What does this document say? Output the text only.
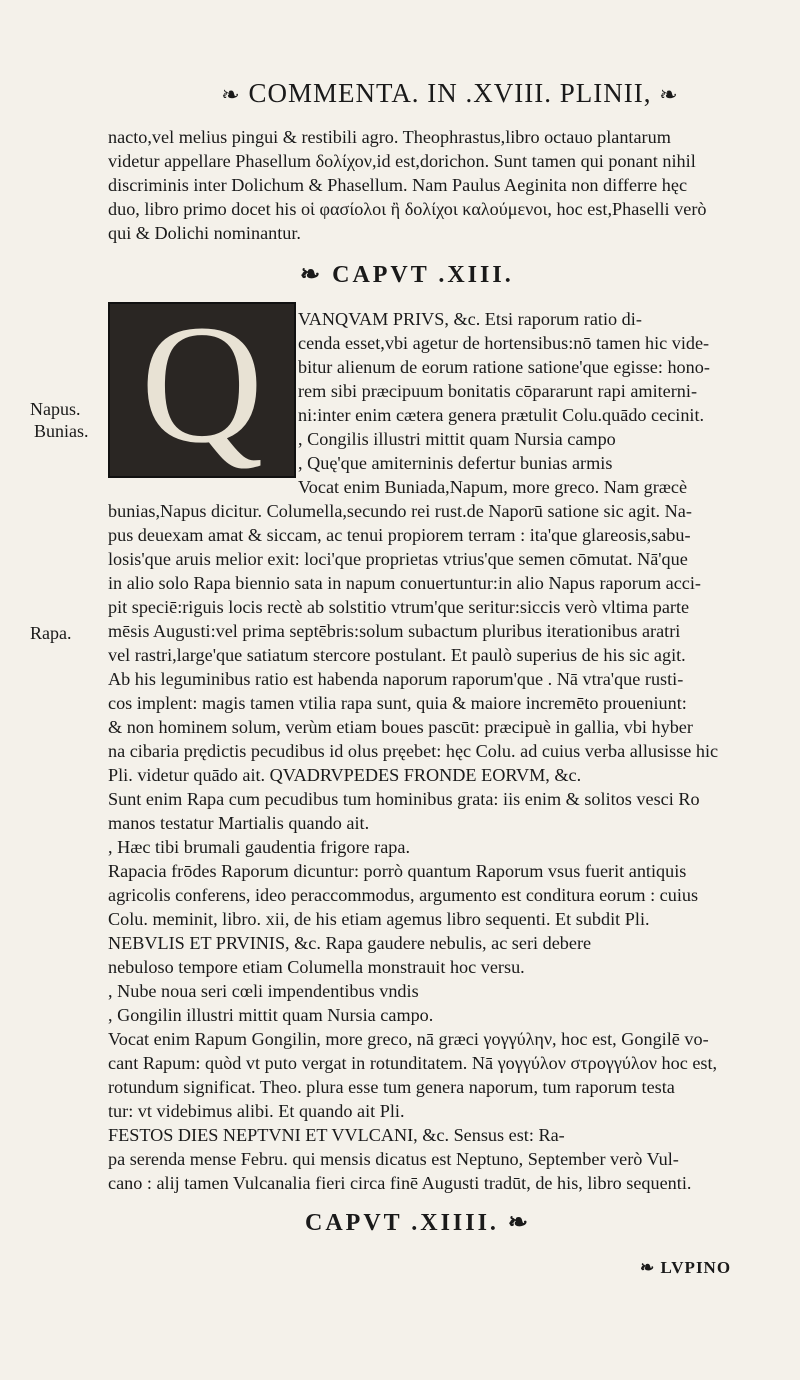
❧ COMMENTA. IN .XVIII. PLINII, ❧
nacto,vel melius pingui & restibili agro. Theophrastus,libro octauo plantarum
videtur appellare Phasellum δολίχον,id est,dorichon. Sunt tamen qui ponant nihil
discriminis inter Dolichum & Phasellum. Nam Paulus Aeginita non differre hęc
duo, libro primo docet his οἱ φασίολοι ἢ δολίχοι καλούμενοι, hoc est,Phaselli verò
qui & Dolichi nominantur.
❧ CAPVT .XIII.
Q	VANQVAM PRIVS, &c. Etsi raporum ratio di-
cenda esset,vbi agetur de hortensibus:nō tamen hic vide-
bitur alienum de eorum ratione satione'que egisse: hono-
rem sibi præcipuum bonitatis cōpararunt rapi amiterni-
ni:inter enim cætera genera prætulit Colu.quādo cecinit.
, Congilis illustri mittit quam Nursia campo
, Quę'que amiterninis defertur bunias armis
Vocat enim Buniada,Napum, more greco. Nam græcè
Napus.
Bunias.
Rapa.
bunias,Napus dicitur. Columella,secundo rei rust.de Naporū satione sic agit. Na-
pus deuexam amat & siccam, ac tenui propiorem terram : ita'que glareosis,sabu-
losis'que aruis melior exit: loci'que proprietas vtrius'que semen cōmutat. Nā'que
in alio solo Rapa biennio sata in napum conuertuntur:in alio Napus raporum acci-
pit speciē:riguis locis rectè ab solstitio vtrum'que seritur:siccis verò vltima parte
mēsis Augusti:vel prima septēbris:solum subactum pluribus iterationibus aratri
vel rastri,large'que satiatum stercore postulant. Et paulò superius de his sic agit.
Ab his leguminibus ratio est habenda naporum raporum'que . Nā vtra'que rusti-
cos implent: magis tamen vtilia rapa sunt, quia & maiore incremēto proueniunt:
& non hominem solum, verùm etiam boues pascūt: præcipuè in gallia, vbi hyber
na cibaria prędictis pecudibus id olus pręebet: hęc Colu. ad cuius verba allusisse hic
Pli. videtur quādo ait. QVADRVPEDES FRONDE EORVM, &c.
Sunt enim Rapa cum pecudibus tum hominibus grata: iis enim & solitos vesci Ro
manos testatur Martialis quando ait.
, Hæc tibi brumali gaudentia frigore rapa.
Rapacia frōdes Raporum dicuntur: porrò quantum Raporum vsus fuerit antiquis
agricolis conferens, ideo peraccommodus, argumento est conditura eorum : cuius
Colu. meminit, libro. xii, de his etiam agemus libro sequenti. Et subdit Pli.
NEBVLIS ET PRVINIS, &c. Rapa gaudere nebulis, ac seri debere
nebuloso tempore etiam Columella monstrauit hoc versu.
, Nube noua seri cœli impendentibus vndis
, Gongilin illustri mittit quam Nursia campo.
Vocat enim Rapum Gongilin, more greco, nā græci γογγύλην, hoc est, Gongilē vo-
cant Rapum: quòd vt puto vergat in rotunditatem. Nā γογγύλον στρογγύλον hoc est,
rotundum significat. Theo. plura esse tum genera naporum, tum raporum testa
tur: vt videbimus alibi. Et quando ait Pli.
FESTOS DIES NEPTVNI ET VVLCANI, &c. Sensus est: Ra-
pa serenda mense Febru. qui mensis dicatus est Neptuno, September verò Vul-
cano : alij tamen Vulcanalia fieri circa finē Augusti tradūt, de his, libro sequenti.
CAPVT .XIIII. ❧
❧ LVPINO
